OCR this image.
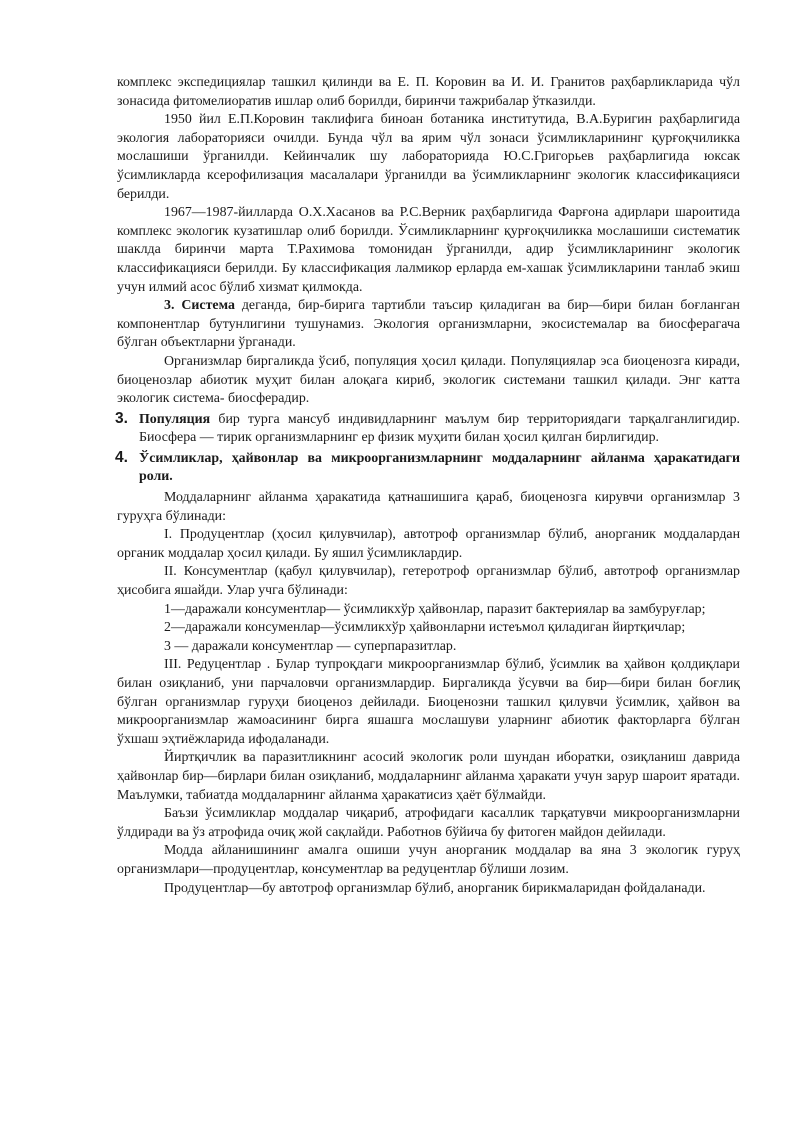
комплекс экспедициялар ташкил қилинди ва Е. П. Коровин ва И. И. Гранитов раҳбарликларида чўл зонасида фитомелиоратив ишлар олиб борилди, биринчи тажрибалар ўтказилди.

1950 йил Е.П.Коровин таклифига биноан ботаника институтида, В.А.Буригин раҳбарлигида экология лабораторияси очилди. Бунда чўл ва ярим чўл зонаси ўсимликларининг қурғоқчиликка мослашиши ўрганилди. Кейинчалик шу лабораторияда Ю.С.Григорьев раҳбарлигида юксак ўсимликларда ксерофилизация масалалари ўрганилди ва ўсимликларнинг экологик классификацияси берилди.

1967—1987-йилларда О.Х.Хасанов ва Р.С.Верник раҳбарлигида Фарғона адирлари шароитида комплекс экологик кузатишлар олиб борилди. Ўсимликларнинг қурғоқчиликка мослашиши систематик шаклда биринчи марта Т.Рахимова томонидан ўрганилди, адир ўсимликларининг экологик классификацияси берилди. Бу классификация лалмикор ерларда ем-хашак ўсимликларини танлаб экиш учун илмий асос бўлиб хизмат қилмокда.

3. Система деганда, бир-бирига тартибли таъсир қиладиган ва бир—бири билан боғланган компонентлар бутунлигини тушунамиз. Экология организмларни, экосистемалар ва биосферагача бўлган объектларни ўрганади.

Организмлар биргаликда ўсиб, популяция ҳосил қилади. Популяциялар эса биоценозга киради, биоценозлар абиотик муҳит билан алоқага кириб, экологик системани ташкил қилади. Энг катта экологик система- биосферадир.

3. Популяция бир турга мансуб индивидларнинг маълум бир территориядаги тарқалганлигидир. Биосфера — тирик организмларнинг ер физик муҳити билан ҳосил қилган бирлигидир.

4. Ўсимликлар, ҳайвонлар ва микроорганизмларнинг моддаларнинг айланма ҳаракатидаги роли.

Моддаларнинг айланма ҳаракатида қатнашишига қараб, биоценозга кирувчи организмлар 3 гуруҳга бўлинади:

I. Продуцентлар (ҳосил қилувчилар), автотроф организмлар бўлиб, анорганик моддалардан органик моддалар ҳосил қилади. Бу яшил ўсимликлардир.

II. Консументлар (қабул қилувчилар), гетеротроф организмлар бўлиб, автотроф организмлар ҳисобига яшайди. Улар учга бўлинади:

1—даражали консументлар— ўсимликхўр ҳайвонлар, паразит бактериялар ва замбуруғлар;

2—даражали консуменлар—ўсимликхўр ҳайвонларни истеъмол қиладиган йиртқичлар;

3 — даражали консументлар — суперпаразитлар.

III. Редуцентлар . Булар тупроқдаги микроорганизмлар бўлиб, ўсимлик ва ҳайвон қолдиқлари билан озиқланиб, уни парчаловчи организмлардир. Биргаликда ўсувчи ва бир—бири билан боғлиқ бўлган организмлар гуруҳи биоценоз дейилади. Биоценозни ташкил қилувчи ўсимлик, ҳайвон ва микроорганизмлар жамоасининг бирга яшашга мослашуви уларнинг абиотик факторларга бўлган ўхшаш эҳтиёжларида ифодаланади.

Йиртқичлик ва паразитликнинг асосий экологик роли шундан иборатки, озиқланиш даврида ҳайвонлар бир—бирлари билан озиқланиб, моддаларнинг айланма ҳаракати учун зарур шароит яратади. Маълумки, табиатда моддаларнинг айланма ҳаракатисиз ҳаёт бўлмайди.

Баъзи ўсимликлар моддалар чиқариб, атрофидаги касаллик тарқатувчи микроорганизмларни ўлдиради ва ўз атрофида очиқ жой сақлайди. Работнов бўйича бу фитоген майдон дейилади.

Модда айланишининг амалга ошиши учун анорганик моддалар ва яна 3 экологик гуруҳ организмлари—продуцентлар, консументлар ва редуцентлар бўлиши лозим.

Продуцентлар—бу автотроф организмлар бўлиб, анорганик бирикмаларидан фойдаланади.
